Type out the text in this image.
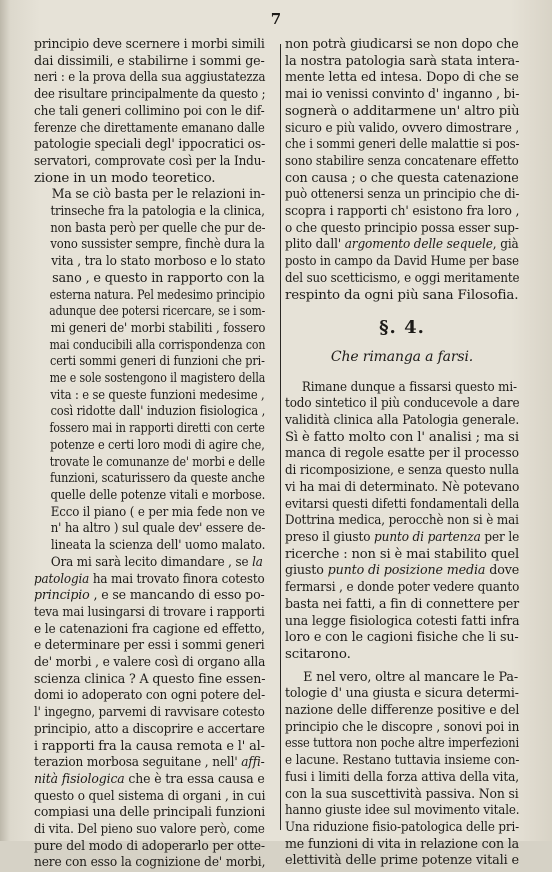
7

principio deve scernere i morbi simili
dai dissimili, e stabilirne i sommi ge-
neri : e la prova della sua aggiustatezza
dee risultare principalmente da questo ;
che tali generi collimino poi con le dif-
ferenze che direttamente emanano dalle
patologie speciali degl' ippocratici os-
servatori, comprovate così per la Indu-
zione in un modo teoretico.

Ma se ciò basta per le relazioni in-
trinseche fra la patologia e la clinica,
non basta però per quelle che pur de-
vono sussister sempre, finchè dura la
vita , tra lo stato morboso e lo stato
sano , e questo in rapporto con la
esterna natura. Pel medesimo principio
adunque dee potersi ricercare, se i som-
mi generi de' morbi stabiliti , fossero
mai conducibili alla corrispondenza con
certi sommi generi di funzioni che pri-
me e sole sostengono il magistero della
vita : e se queste funzioni medesime ,
così ridotte dall' induzion fisiologica ,
fossero mai in rapporti diretti con certe
potenze e certi loro modi di agire che,
trovate le comunanze de' morbi e delle
funzioni, scaturissero da queste anche
quelle delle potenze vitali e morbose.
Ecco il piano ( e per mia fede non ve
n' ha altro ) sul quale dev' essere de-
lineata la scienza dell' uomo malato.

Ora mi sarà lecito dimandare , se la
patologia ha mai trovato finora cotesto
principio , e se mancando di esso po-
teva mai lusingarsi di trovare i rapporti
e le catenazioni fra cagione ed effetto,
e determinare per essi i sommi generi
de' morbi , e valere così di organo alla
scienza clinica ? A questo fine essen-
domi io adoperato con ogni potere del-
l' ingegno, parvemi di ravvisare cotesto
principio, atto a discoprire e accertare
i rapporti fra la causa remota e l' al-
terazion morbosa seguitane , nell' affi-
nità fisiologica che è tra essa causa e
questo o quel sistema di organi , in cui
compiasi una delle principali funzioni
di vita. Del pieno suo valore però, come
pure del modo di adoperarlo per otte-
nere con esso la cognizione de' morbi,

non potrà giudicarsi se non dopo che
la nostra patologia sarà stata intera-
mente letta ed intesa. Dopo di che se
mai io venissi convinto d' inganno , bi-
sognerà o additarmene un' altro più
sicuro e più valido, ovvero dimostrare ,
che i sommi generi delle malattie si pos-
sono stabilire senza concatenare effetto
con causa ; o che questa catenazione
può ottenersi senza un principio che di-
scopra i rapporti ch' esistono fra loro ,
o che questo principio possa esser sup-
plito dall' argomento delle sequele, già
posto in campo da David Hume per base
del suo scetticismo, e oggi meritamente
respinto da ogni più sana Filosofia.

§. 4.
Che rimanga a farsi.

Rimane dunque a fissarsi questo mi-
todo sintetico il più conducevole a dare
validità clinica alla Patologia generale.
Sì è fatto molto con l' analisi ; ma si
manca di regole esatte per il processo
di ricomposizione, e senza questo nulla
vi ha mai di determinato. Nè potevano
evitarsi questi difetti fondamentali della
Dottrina medica, perocchè non si è mai
preso il giusto punto di partenza per le
ricerche : non si è mai stabilito quel
giusto punto di posizione media dove
fermarsi , e donde poter vedere quanto
basta nei fatti, a fin di connettere per
una legge fisiologica cotesti fatti infra
loro e con le cagioni fisiche che li su-
scitarono.

E nel vero, oltre al mancare le Pa-
tologie d' una giusta e sicura determi-
nazione delle differenze positive e del
principio che le discopre , sonovi poi in
esse tuttora non poche altre imperfezioni
e lacune. Restano tuttavia insieme con-
fusi i limiti della forza attiva della vita,
con la sua suscettività passiva. Non si
hanno giuste idee sul movimento vitale.
Una riduzione fisio-patologica delle pri-
me funzioni di vita in relazione con la
elettività delle prime potenze vitali e
